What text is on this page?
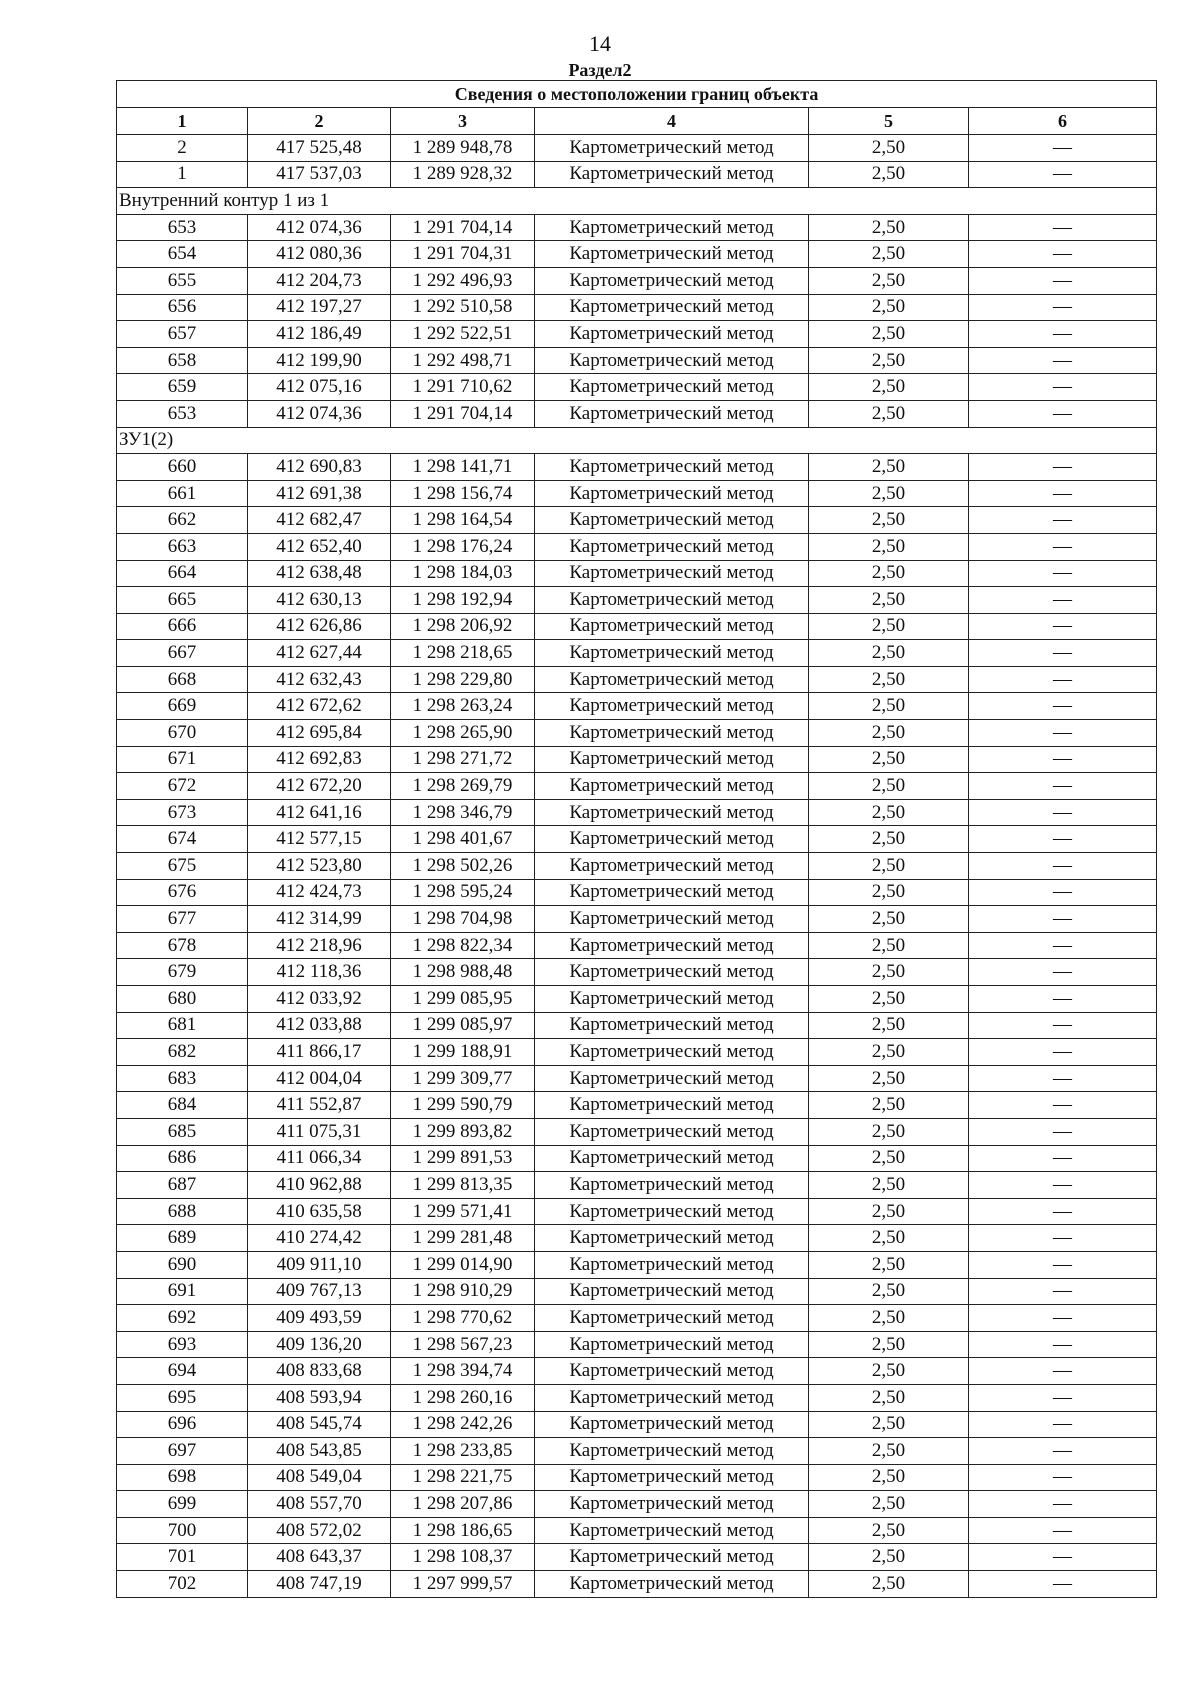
14
Раздел2
Сведения о местоположении границ объекта					
1	2	3	4	5	6
2	417 525,48	1 289 948,78	Картометрический метод	2,50	—
1	417 537,03	1 289 928,32	Картометрический метод	2,50	—
Внутренний контур 1 из 1					
653	412 074,36	1 291 704,14	Картометрический метод	2,50	—
654	412 080,36	1 291 704,31	Картометрический метод	2,50	—
655	412 204,73	1 292 496,93	Картометрический метод	2,50	—
656	412 197,27	1 292 510,58	Картометрический метод	2,50	—
657	412 186,49	1 292 522,51	Картометрический метод	2,50	—
658	412 199,90	1 292 498,71	Картометрический метод	2,50	—
659	412 075,16	1 291 710,62	Картометрический метод	2,50	—
653	412 074,36	1 291 704,14	Картометрический метод	2,50	—
ЗУ1(2)					
660	412 690,83	1 298 141,71	Картометрический метод	2,50	—
661	412 691,38	1 298 156,74	Картометрический метод	2,50	—
662	412 682,47	1 298 164,54	Картометрический метод	2,50	—
663	412 652,40	1 298 176,24	Картометрический метод	2,50	—
664	412 638,48	1 298 184,03	Картометрический метод	2,50	—
665	412 630,13	1 298 192,94	Картометрический метод	2,50	—
666	412 626,86	1 298 206,92	Картометрический метод	2,50	—
667	412 627,44	1 298 218,65	Картометрический метод	2,50	—
668	412 632,43	1 298 229,80	Картометрический метод	2,50	—
669	412 672,62	1 298 263,24	Картометрический метод	2,50	—
670	412 695,84	1 298 265,90	Картометрический метод	2,50	—
671	412 692,83	1 298 271,72	Картометрический метод	2,50	—
672	412 672,20	1 298 269,79	Картометрический метод	2,50	—
673	412 641,16	1 298 346,79	Картометрический метод	2,50	—
674	412 577,15	1 298 401,67	Картометрический метод	2,50	—
675	412 523,80	1 298 502,26	Картометрический метод	2,50	—
676	412 424,73	1 298 595,24	Картометрический метод	2,50	—
677	412 314,99	1 298 704,98	Картометрический метод	2,50	—
678	412 218,96	1 298 822,34	Картометрический метод	2,50	—
679	412 118,36	1 298 988,48	Картометрический метод	2,50	—
680	412 033,92	1 299 085,95	Картометрический метод	2,50	—
681	412 033,88	1 299 085,97	Картометрический метод	2,50	—
682	411 866,17	1 299 188,91	Картометрический метод	2,50	—
683	412 004,04	1 299 309,77	Картометрический метод	2,50	—
684	411 552,87	1 299 590,79	Картометрический метод	2,50	—
685	411 075,31	1 299 893,82	Картометрический метод	2,50	—
686	411 066,34	1 299 891,53	Картометрический метод	2,50	—
687	410 962,88	1 299 813,35	Картометрический метод	2,50	—
688	410 635,58	1 299 571,41	Картометрический метод	2,50	—
689	410 274,42	1 299 281,48	Картометрический метод	2,50	—
690	409 911,10	1 299 014,90	Картометрический метод	2,50	—
691	409 767,13	1 298 910,29	Картометрический метод	2,50	—
692	409 493,59	1 298 770,62	Картометрический метод	2,50	—
693	409 136,20	1 298 567,23	Картометрический метод	2,50	—
694	408 833,68	1 298 394,74	Картометрический метод	2,50	—
695	408 593,94	1 298 260,16	Картометрический метод	2,50	—
696	408 545,74	1 298 242,26	Картометрический метод	2,50	—
697	408 543,85	1 298 233,85	Картометрический метод	2,50	—
698	408 549,04	1 298 221,75	Картометрический метод	2,50	—
699	408 557,70	1 298 207,86	Картометрический метод	2,50	—
700	408 572,02	1 298 186,65	Картометрический метод	2,50	—
701	408 643,37	1 298 108,37	Картометрический метод	2,50	—
702	408 747,19	1 297 999,57	Картометрический метод	2,50	—
